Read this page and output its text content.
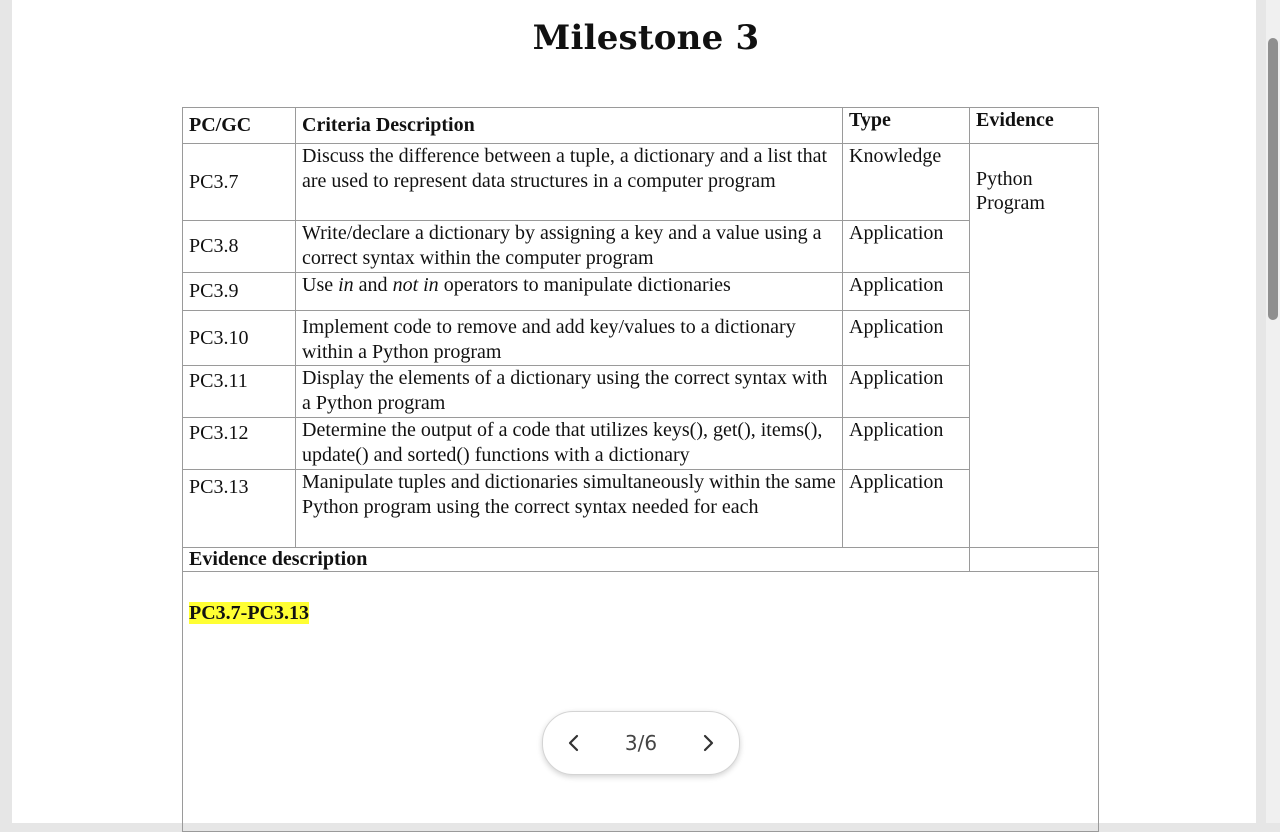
Milestone 3
PC/GC	Criteria Description	Type	Evidence
PC3.7	Discuss the difference between a tuple, a dictionary and a list that are used to represent data structures in a computer program	Knowledge	Python Program
PC3.8	Write/declare a dictionary by assigning a key and a value using a correct syntax within the computer program	Application	
PC3.9	Use in and not in operators to manipulate dictionaries	Application	
PC3.10	Implement code to remove and add key/values to a dictionary within a Python program	Application	
PC3.11	Display the elements of a dictionary using the correct syntax with a Python program	Application	
PC3.12	Determine the output of a code that utilizes keys(), get(), items(), update() and sorted() functions with a dictionary	Application	
PC3.13	Manipulate tuples and dictionaries simultaneously within the same Python program using the correct syntax needed for each	Application	
Evidence description			
PC3.7-PC3.13			
3/6
